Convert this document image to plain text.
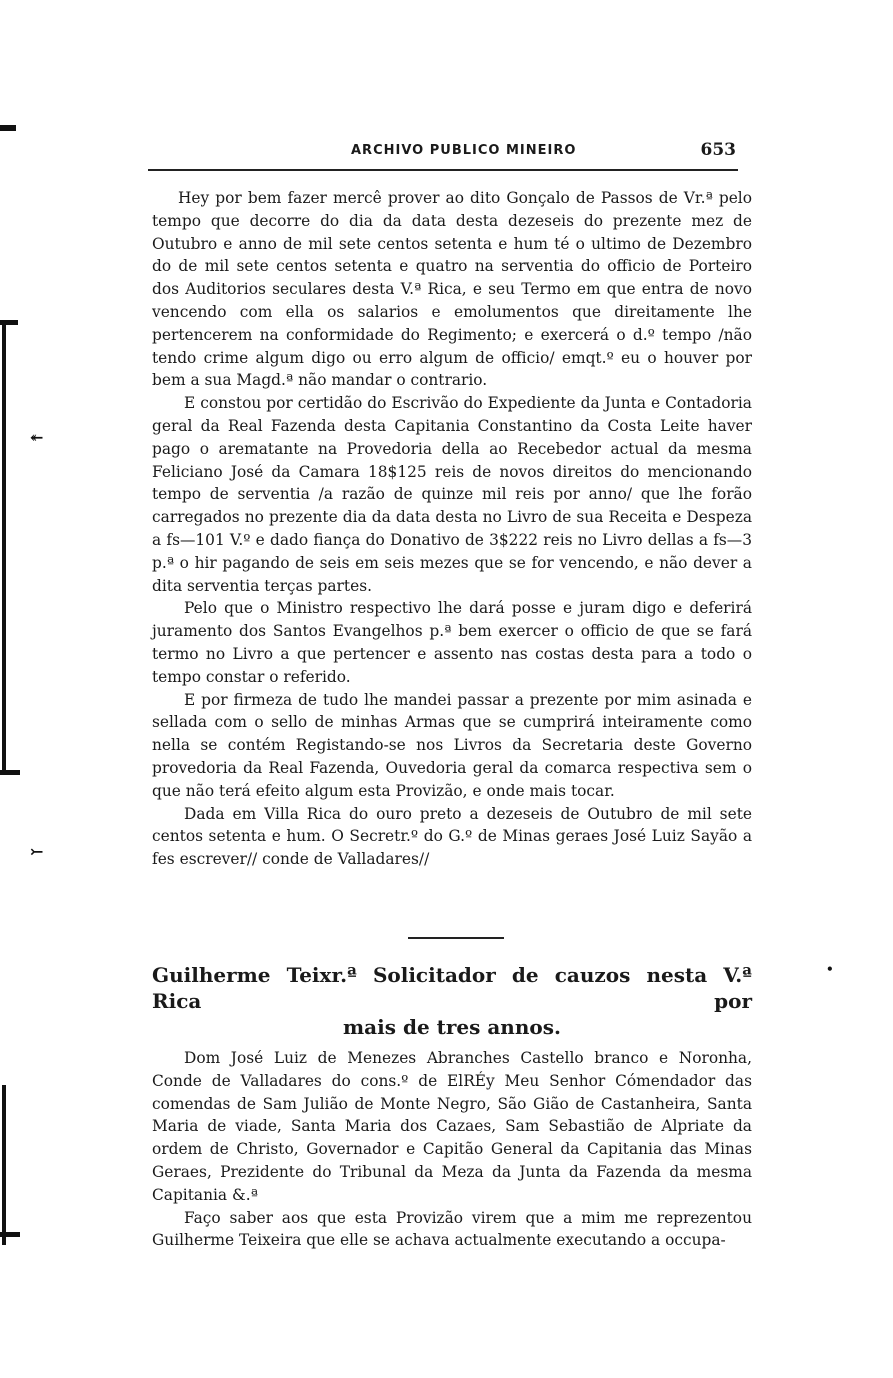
↞
⤚
•
ARCHIVO PUBLICO MINEIRO	653

Hey por bem fazer mercê prover ao dito Gonçalo de Passos de Vr.ª pelo tempo que decorre do dia da data desta dezeseis do prezente mez de Outubro e anno de mil sete centos setenta e hum té o ultimo de Dezembro do de mil sete centos setenta e quatro na serventia do officio de Porteiro dos Auditorios seculares desta V.ª Rica, e seu Termo em que entra de novo vencendo com ella os salarios e emolumentos que direitamente lhe pertencerem na conformidade do Regimento; e exercerá o d.º tempo /não tendo crime algum digo ou erro algum de officio/ emqt.º eu o houver por bem a sua Magd.ª não mandar o contrario.

E constou por certidão do Escrivão do Expediente da Junta e Contadoria geral da Real Fazenda desta Capitania Constantino da Costa Leite haver pago o arematante na Provedoria della ao Recebedor actual da mesma Feliciano José da Camara 18$125 reis de novos direitos do mencionando tempo de serventia /a razão de quinze mil reis por anno/ que lhe forão carregados no prezente dia da data desta no Livro de sua Receita e Despeza a fs—101 V.º e dado fiança do Donativo de 3$222 reis no Livro dellas a fs—3 p.ª o hir pagando de seis em seis mezes que se for vencendo, e não dever a dita serventia terças partes.

Pelo que o Ministro respectivo lhe dará posse e juram digo e deferirá juramento dos Santos Evangelhos p.ª bem exercer o officio de que se fará termo no Livro a que pertencer e assento nas costas desta para a todo o tempo constar o referido.

E por firmeza de tudo lhe mandei passar a prezente por mim asinada e sellada com o sello de minhas Armas que se cumprirá inteiramente como nella se contém Registando-se nos Livros da Secretaria deste Governo provedoria da Real Fazenda, Ouvedoria geral da comarca respectiva sem o que não terá efeito algum esta Provizão, e onde mais tocar.

Dada em Villa Rica do ouro preto a dezeseis de Outubro de mil sete centos setenta e hum. O Secretr.º do G.º de Minas geraes José Luiz Sayão a fes escrever// conde de Valladares//

Guilherme Teixr.ª Solicitador de cauzos nesta V.ª Rica por
mais de tres annos.

Dom José Luiz de Menezes Abranches Castello branco e Noronha, Conde de Valladares do cons.º de ElRÉy Meu Senhor Cómendador das comendas de Sam Julião de Monte Negro, São Gião de Castanheira, Santa Maria de viade, Santa Maria dos Cazaes, Sam Sebastião de Alpriate da ordem de Christo, Governador e Capitão General da Capitania das Minas Geraes, Prezidente do Tribunal da Meza da Junta da Fazenda da mesma Capitania &.ª

Faço saber aos que esta Provizão virem que a mim me reprezentou Guilherme Teixeira que elle se achava actualmente executando a occupa-
